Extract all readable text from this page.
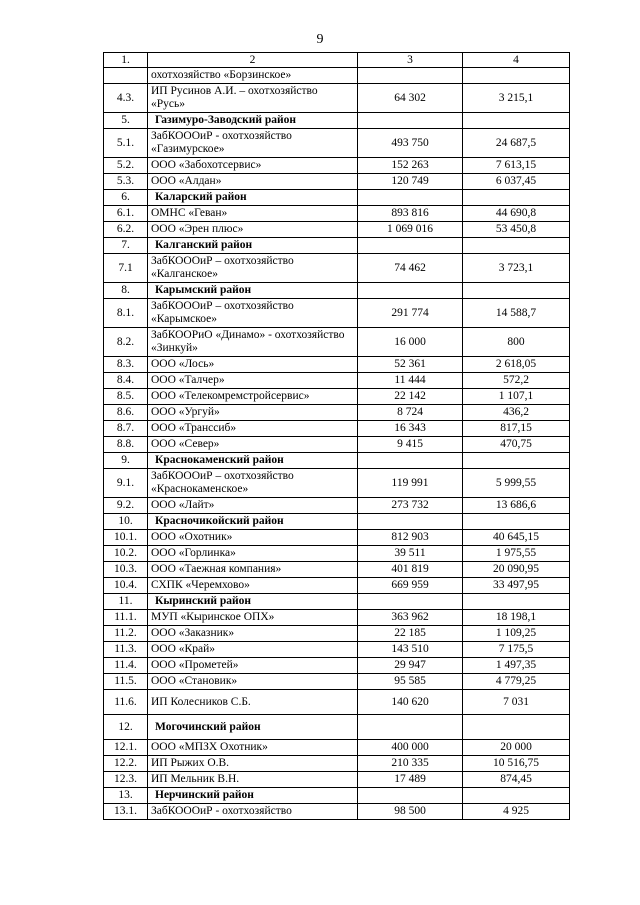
9
1.	2	3	4
	охотхозяйство «Борзинское»		
4.3.	ИП Русинов А.И. – охотхозяйство «Русь»	64 302	3 215,1
5.	Газимуро-Заводский район		
5.1.	ЗабКОООиР - охотхозяйство «Газимурское»	493 750	24 687,5
5.2.	ООО «Забохотсервис»	152 263	7 613,15
5.3.	ООО «Алдан»	120 749	6 037,45
6.	Каларский район		
6.1.	ОМНС «Геван»	893 816	44 690,8
6.2.	ООО «Эрен плюс»	1 069 016	53 450,8
7.	Калганский район		
7.1	ЗабКОООиР – охотхозяйство «Калганское»	74 462	3 723,1
8.	Карымский район		
8.1.	ЗабКОООиР – охотхозяйство «Карымское»	291 774	14 588,7
8.2.	ЗабКООРиО «Динамо» - охотхозяйство «Зинкуй»	16 000	800
8.3.	ООО «Лось»	52 361	2 618,05
8.4.	ООО «Талчер»	11 444	572,2
8.5.	ООО «Телекомремстройсервис»	22 142	1 107,1
8.6.	ООО «Ургуй»	8 724	436,2
8.7.	ООО «Транссиб»	16 343	817,15
8.8.	ООО «Север»	9 415	470,75
9.	Краснокаменский район		
9.1.	ЗабКОООиР – охотхозяйство «Краснокаменское»	119 991	5 999,55
9.2.	ООО «Лайт»	273 732	13 686,6
10.	Красночикойский район		
10.1.	ООО «Охотник»	812 903	40 645,15
10.2.	ООО «Горлинка»	39 511	1 975,55
10.3.	ООО «Таежная компания»	401 819	20 090,95
10.4.	СХПК «Черемхово»	669 959	33 497,95
11.	Кыринский район		
11.1.	МУП «Кыринское ОПХ»	363 962	18 198,1
11.2.	ООО «Заказник»	22 185	1 109,25
11.3.	ООО «Край»	143 510	7 175,5
11.4.	ООО «Прометей»	29 947	1 497,35
11.5.	ООО «Становик»	95 585	4 779,25
11.6.	ИП Колесников С.Б.	140 620	7 031
12.	Могочинский район		
12.1.	ООО «МПЗХ Охотник»	400 000	20 000
12.2.	ИП Рыжих О.В.	210 335	10 516,75
12.3.	ИП Мельник В.Н.	17 489	874,45
13.	Нерчинский район		
13.1.	ЗабКОООиР - охотхозяйство	98 500	4 925
